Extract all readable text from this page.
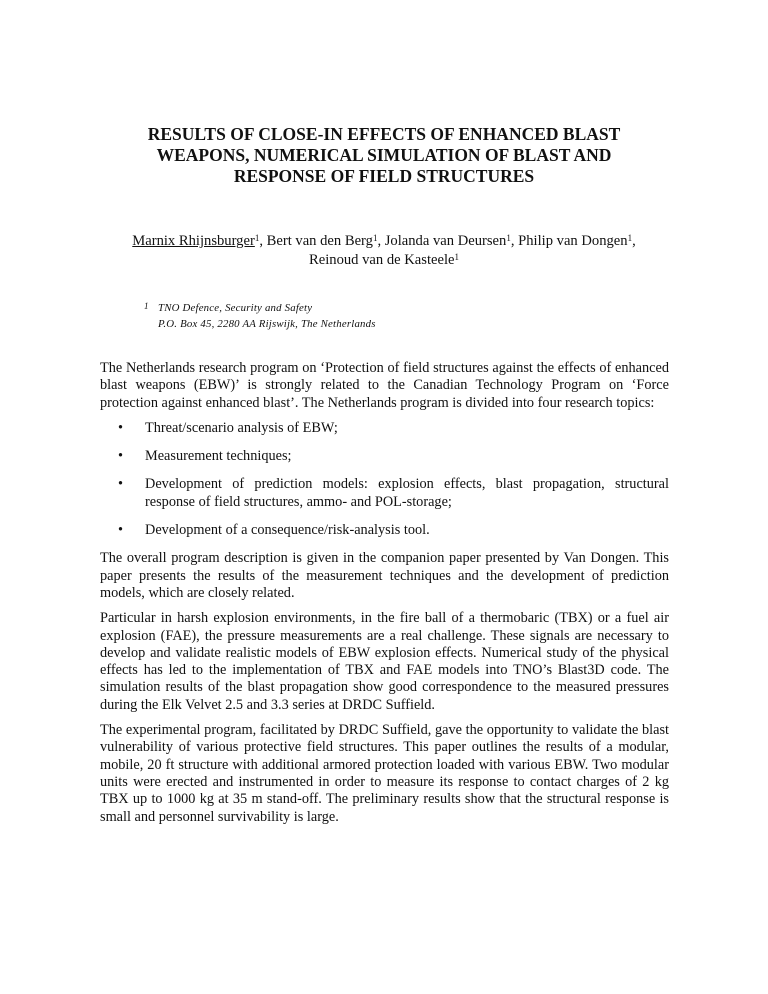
RESULTS OF CLOSE-IN EFFECTS OF ENHANCED BLAST
WEAPONS, NUMERICAL SIMULATION OF BLAST AND
RESPONSE OF FIELD STRUCTURES
Marnix Rhijnsburger$^1$, Bert van den Berg$^1$, Jolanda van Deursen$^1$, Philip van Dongen$^1$,
Reinoud van de Kasteele$^1$
1 TNO Defence, Security and Safety
P.O. Box 45, 2280 AA Rijswijk, The Netherlands

The Netherlands research program on ‘Protection of field structures against the effects of enhanced blast weapons (EBW)’ is strongly related to the Canadian Technology Program on ‘Force protection against enhanced blast’. The Netherlands program is divided into four research topics:

• Threat/scenario analysis of EBW;
• Measurement techniques;
• Development of prediction models: explosion effects, blast propagation, structural response of field structures, ammo- and POL-storage;
• Development of a consequence/risk-analysis tool.

The overall program description is given in the companion paper presented by Van Dongen. This paper presents the results of the measurement techniques and the development of prediction models, which are closely related.

Particular in harsh explosion environments, in the fire ball of a thermobaric (TBX) or a fuel air explosion (FAE), the pressure measurements are a real challenge. These signals are necessary to develop and validate realistic models of EBW explosion effects. Numerical study of the physical effects has led to the implementation of TBX and FAE models into TNO’s Blast3D code. The simulation results of the blast propagation show good correspondence to the measured pressures during the Elk Velvet 2.5 and 3.3 series at DRDC Suffield.

The experimental program, facilitated by DRDC Suffield, gave the opportunity to validate the blast vulnerability of various protective field structures. This paper outlines the results of a modular, mobile, 20 ft structure with additional armored protection loaded with various EBW. Two modular units were erected and instrumented in order to measure its response to contact charges of 2 kg TBX up to 1000 kg at 35 m stand-off. The preliminary results show that the structural response is small and personnel survivability is large.
